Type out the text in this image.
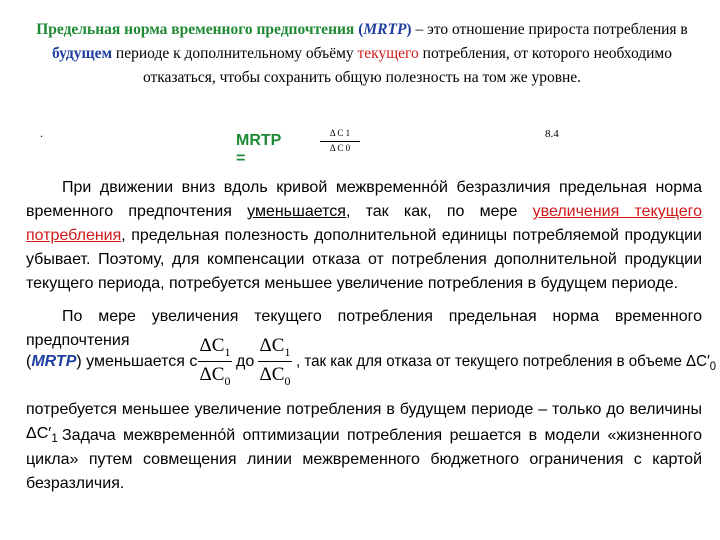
Предельная норма временного предпочтения (MRTP) – это отношение прироста потребления в будущем периоде к дополнительному объёму текущего потребления, от которого необходимо отказаться, чтобы сохранить общую полезность на том же уровне.
.	MRTP =
Δ C 1
Δ C 0
8.4
При движении вниз вдоль кривой межвременно́й безразличия предельная норма временного предпочтения уменьшается, так как, по мере увеличения текущего потребления, предельная полезность дополнительной единицы потребляемой продукции убывает. Поэтому, для компенсации отказа от потребления дополнительной продукции текущего периода, потребуется меньшее увеличение потребления в будущем периоде.
По мере увеличения текущего потребления предельная норма временного предпочтения
(MRTP) уменьшается с
$\Delta C_1$
$\Delta C_0$
до
$\Delta C_1$
$\Delta C_0$
, так как для отказа от текущего потребления в объеме $\Delta C'_0$
потребуется меньшее увеличение потребления в будущем периоде – только до величины $\Delta C'_1$ Задача межвременно́й оптимизации потребления решается в модели «жизненного цикла» путем совмещения линии межвременного бюджетного ограничения с картой безразличия.
